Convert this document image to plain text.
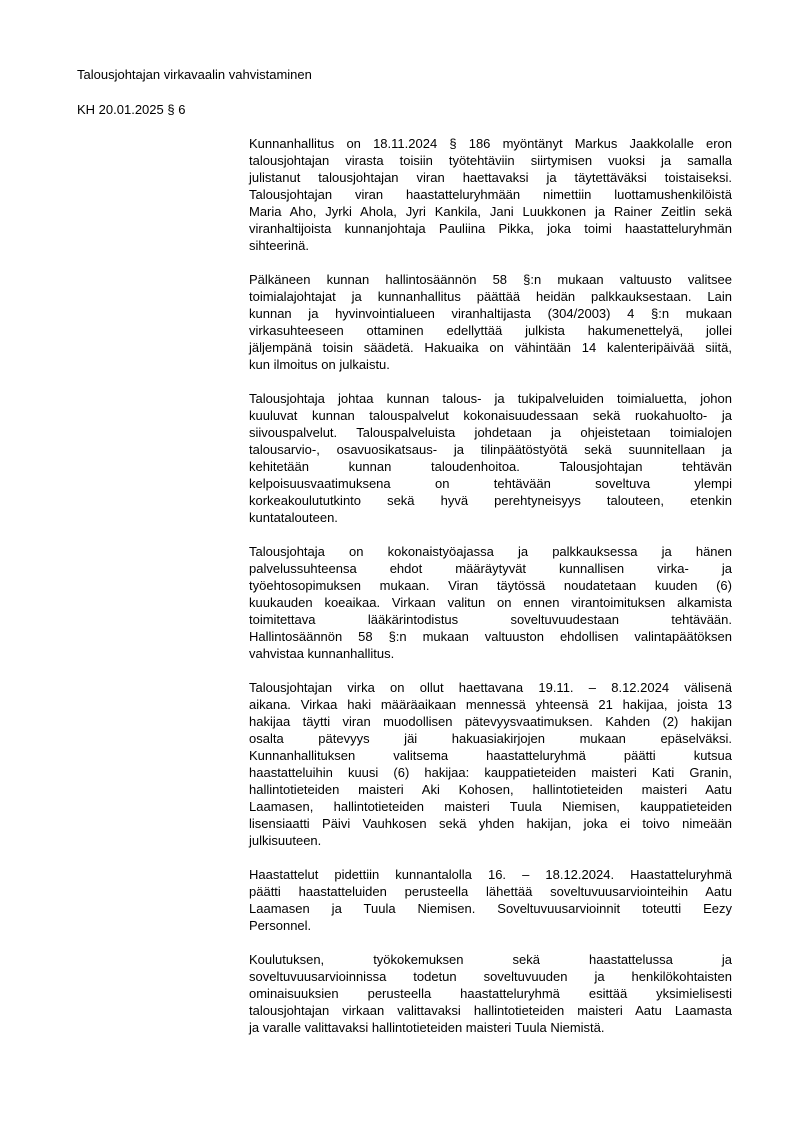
Talousjohtajan virkavaalin vahvistaminen
KH 20.01.2025 § 6

Kunnanhallitus on 18.11.2024 § 186 myöntänyt Markus Jaakkolalle eron
talousjohtajan virasta toisiin työtehtäviin siirtymisen vuoksi ja samalla
julistanut talousjohtajan viran haettavaksi ja täytettäväksi toistaiseksi.
Talousjohtajan viran haastatteluryhmään nimettiin luottamushenkilöistä
Maria Aho, Jyrki Ahola, Jyri Kankila, Jani Luukkonen ja Rainer Zeitlin sekä
viranhaltijoista kunnanjohtaja Pauliina Pikka, joka toimi haastatteluryhmän
sihteerinä.

Pälkäneen kunnan hallintosäännön 58 §:n mukaan valtuusto valitsee
toimialajohtajat ja kunnanhallitus päättää heidän palkkauksestaan. Lain
kunnan ja hyvinvointialueen viranhaltijasta (304/2003) 4 §:n mukaan
virkasuhteeseen ottaminen edellyttää julkista hakumenettelyä, jollei
jäljempänä toisin säädetä. Hakuaika on vähintään 14 kalenteripäivää siitä,
kun ilmoitus on julkaistu.

Talousjohtaja johtaa kunnan talous- ja tukipalveluiden toimialuetta, johon
kuuluvat kunnan talouspalvelut kokonaisuudessaan sekä ruokahuolto- ja
siivouspalvelut. Talouspalveluista johdetaan ja ohjeistetaan toimialojen
talousarvio-, osavuosikatsaus- ja tilinpäätöstyötä sekä suunnitellaan ja
kehitetään kunnan taloudenhoitoa. Talousjohtajan tehtävän
kelpoisuusvaatimuksena on tehtävään soveltuva ylempi
korkeakoulututkinto sekä hyvä perehtyneisyys talouteen, etenkin
kuntatalouteen.

Talousjohtaja on kokonaistyöajassa ja palkkauksessa ja hänen
palvelussuhteensa ehdot määräytyvät kunnallisen virka- ja
työehtosopimuksen mukaan. Viran täytössä noudatetaan kuuden (6)
kuukauden koeaikaa. Virkaan valitun on ennen virantoimituksen alkamista
toimitettava lääkärintodistus soveltuvuudestaan tehtävään.
Hallintosäännön 58 §:n mukaan valtuuston ehdollisen valintapäätöksen
vahvistaa kunnanhallitus.

Talousjohtajan virka on ollut haettavana 19.11. – 8.12.2024 välisenä
aikana. Virkaa haki määräaikaan mennessä yhteensä 21 hakijaa, joista 13
hakijaa täytti viran muodollisen pätevyysvaatimuksen. Kahden (2) hakijan
osalta pätevyys jäi hakuasiakirjojen mukaan epäselväksi.
Kunnanhallituksen valitsema haastatteluryhmä päätti kutsua
haastatteluihin kuusi (6) hakijaa: kauppatieteiden maisteri Kati Granin,
hallintotieteiden maisteri Aki Kohosen, hallintotieteiden maisteri Aatu
Laamasen, hallintotieteiden maisteri Tuula Niemisen, kauppatieteiden
lisensiaatti Päivi Vauhkosen sekä yhden hakijan, joka ei toivo nimeään
julkisuuteen.

Haastattelut pidettiin kunnantalolla 16. – 18.12.2024. Haastatteluryhmä
päätti haastatteluiden perusteella lähettää soveltuvuusarviointeihin Aatu
Laamasen ja Tuula Niemisen. Soveltuvuusarvioinnit toteutti Eezy
Personnel.

Koulutuksen, työkokemuksen sekä haastattelussa ja
soveltuvuusarvioinnissa todetun soveltuvuuden ja henkilökohtaisten
ominaisuuksien perusteella haastatteluryhmä esittää yksimielisesti
talousjohtajan virkaan valittavaksi hallintotieteiden maisteri Aatu Laamasta
ja varalle valittavaksi hallintotieteiden maisteri Tuula Niemistä.
